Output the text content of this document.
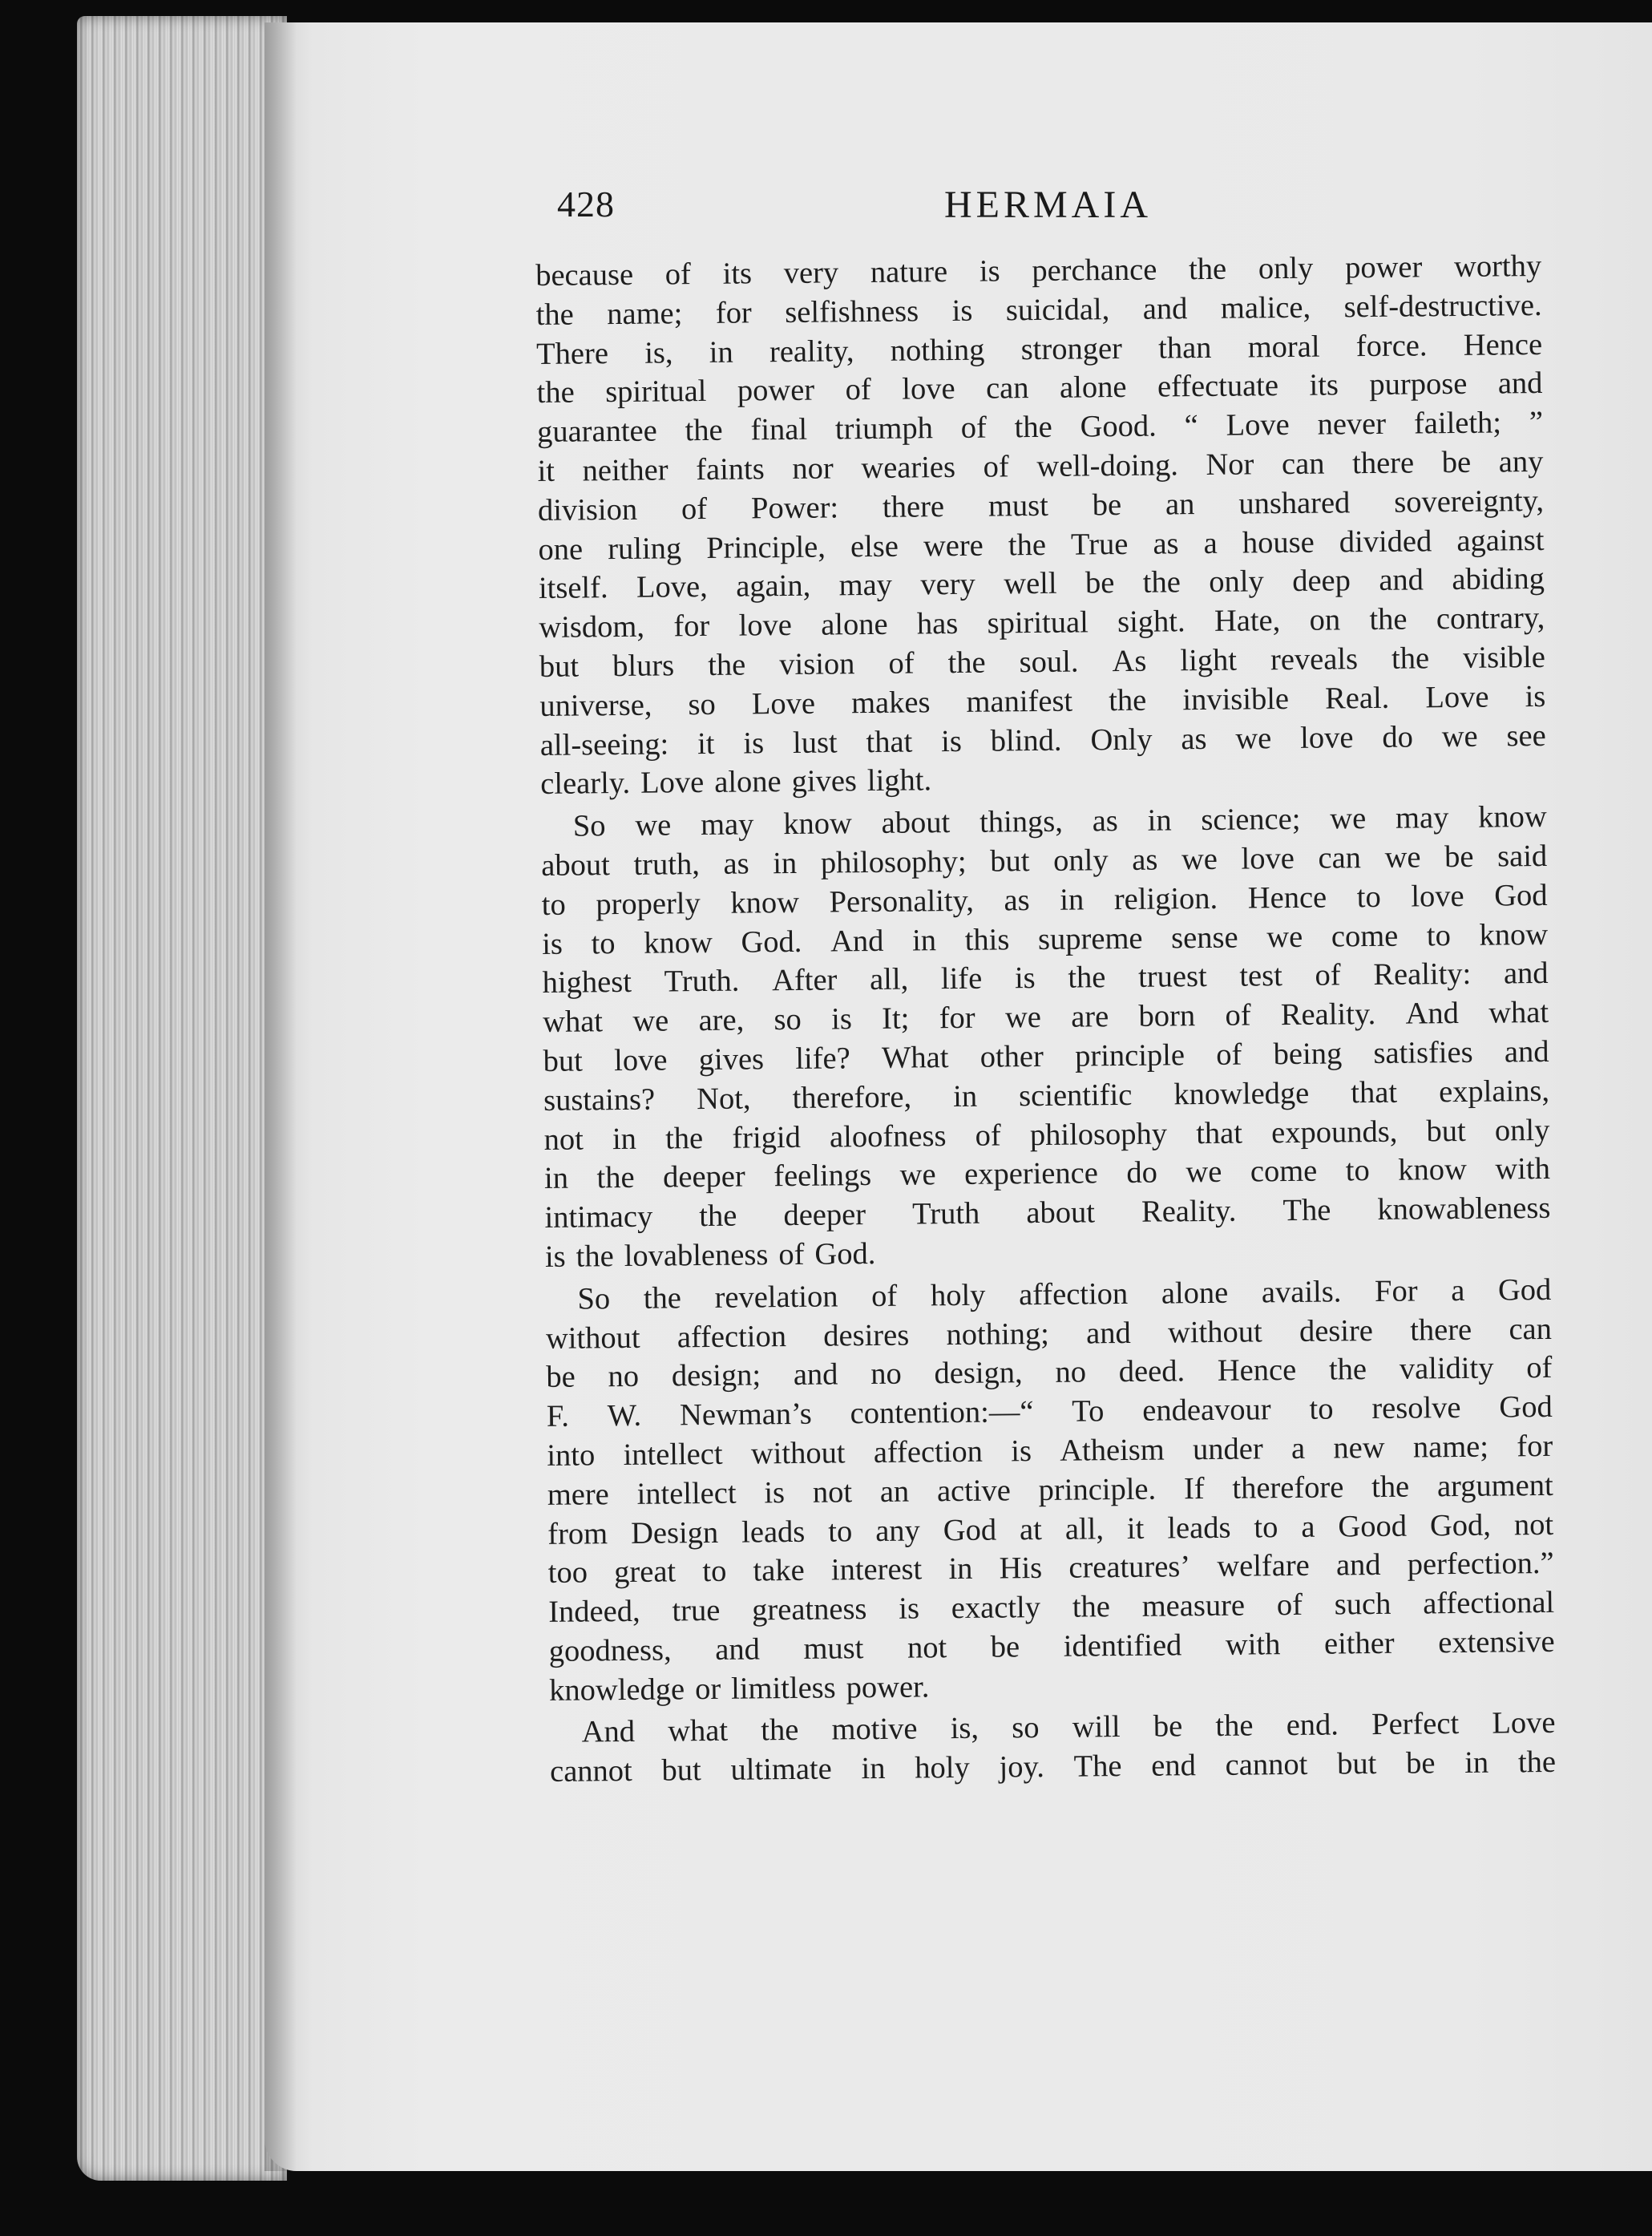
428	HERMAIA
because of its very nature is perchance the only power worthy
the name; for selfishness is suicidal, and malice, self-destructive.
There is, in reality, nothing stronger than moral force. Hence
the spiritual power of love can alone effectuate its purpose and
guarantee the final triumph of the Good. “ Love never faileth; ”
it neither faints nor wearies of well-doing. Nor can there be any
division of Power: there must be an unshared sovereignty,
one ruling Principle, else were the True as a house divided against
itself. Love, again, may very well be the only deep and abiding
wisdom, for love alone has spiritual sight. Hate, on the contrary,
but blurs the vision of the soul. As light reveals the visible
universe, so Love makes manifest the invisible Real. Love is
all-seeing: it is lust that is blind. Only as we love do we see
clearly. Love alone gives light.
So we may know about things, as in science; we may know
about truth, as in philosophy; but only as we love can we be said
to properly know Personality, as in religion. Hence to love God
is to know God. And in this supreme sense we come to know
highest Truth. After all, life is the truest test of Reality: and
what we are, so is It; for we are born of Reality. And what
but love gives life? What other principle of being satisfies and
sustains? Not, therefore, in scientific knowledge that explains,
not in the frigid aloofness of philosophy that expounds, but only
in the deeper feelings we experience do we come to know with
intimacy the deeper Truth about Reality. The knowableness
is the lovableness of God.
So the revelation of holy affection alone avails. For a God
without affection desires nothing; and without desire there can
be no design; and no design, no deed. Hence the validity of
F. W. Newman’s contention:—“ To endeavour to resolve God
into intellect without affection is Atheism under a new name; for
mere intellect is not an active principle. If therefore the argument
from Design leads to any God at all, it leads to a Good God, not
too great to take interest in His creatures’ welfare and perfection.”
Indeed, true greatness is exactly the measure of such affectional
goodness, and must not be identified with either extensive
knowledge or limitless power.
And what the motive is, so will be the end. Perfect Love
cannot but ultimate in holy joy. The end cannot but be in the
